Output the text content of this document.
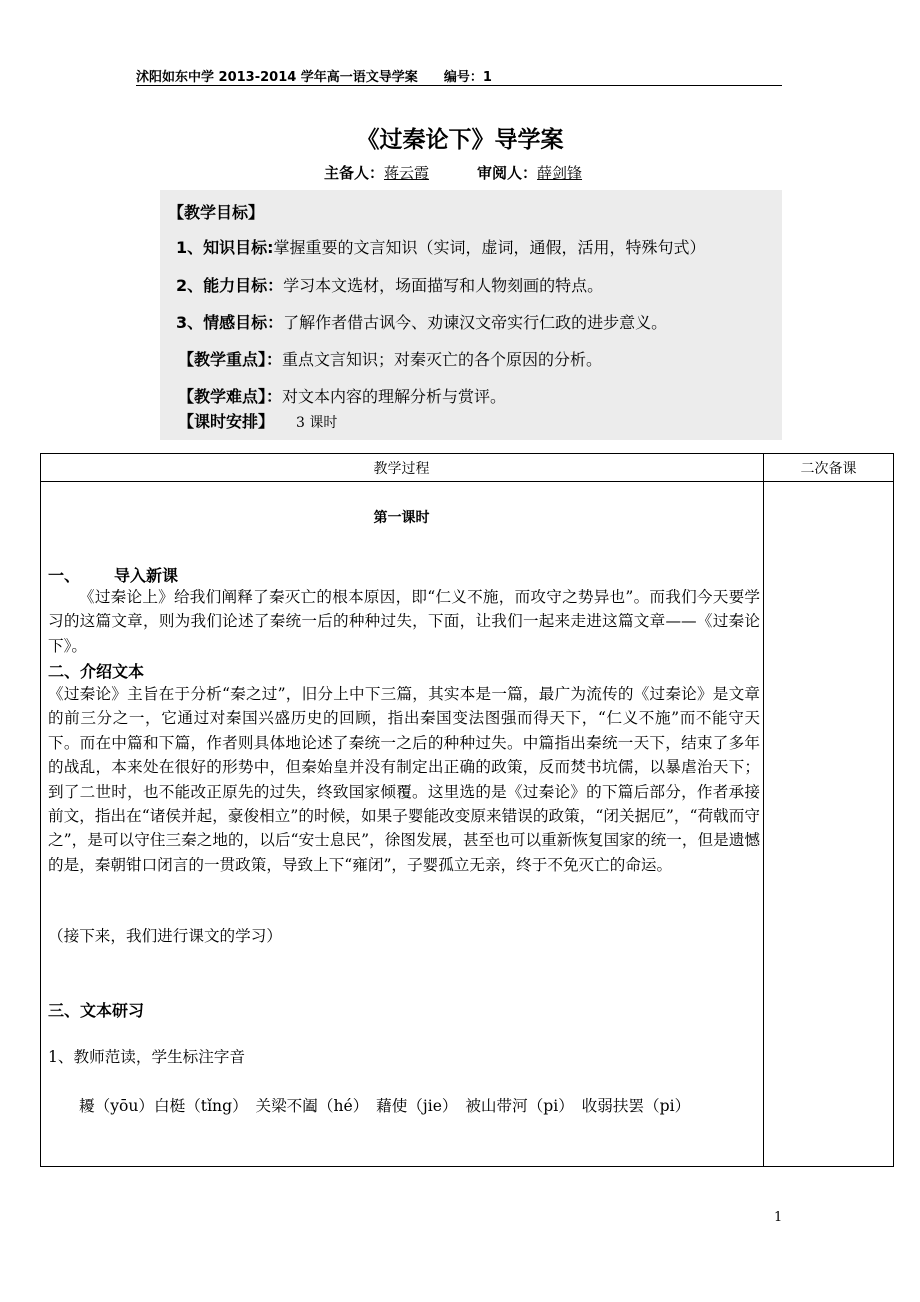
沭阳如东中学 2013-2014 学年高一语文导学案 编号：1
《过秦论下》导学案
主备人：蒋云霞	审阅人：薛剑锋
【教学目标】
1、知识目标:掌握重要的文言知识（实词，虚词，通假，活用，特殊句式）
2、能力目标：学习本文选材，场面描写和人物刻画的特点。
3、情感目标：了解作者借古讽今、劝谏汉文帝实行仁政的进步意义。
【教学重点】：重点文言知识；对秦灭亡的各个原因的分析。
【教学难点】：对文本内容的理解分析与赏评。
【课时安排】 3 课时
教学过程	二次备课
第一课时
一、 导入新课
《过秦论上》给我们阐释了秦灭亡的根本原因，即“仁义不施，而攻守之势异也”。而我们今天要学习的这篇文章，则为我们论述了秦统一后的种种过失，下面，让我们一起来走进这篇文章——《过秦论下》。
二、介绍文本
《过秦论》主旨在于分析“秦之过”，旧分上中下三篇，其实本是一篇，最广为流传的《过秦论》是文章的前三分之一，它通过对秦国兴盛历史的回顾，指出秦国变法图强而得天下，“仁义不施”而不能守天下。而在中篇和下篇，作者则具体地论述了秦统一之后的种种过失。中篇指出秦统一天下，结束了多年的战乱，本来处在很好的形势中，但秦始皇并没有制定出正确的政策，反而焚书坑儒，以暴虐治天下；到了二世时，也不能改正原先的过失，终致国家倾覆。这里选的是《过秦论》的下篇后部分，作者承接前文，指出在“诸侯并起，豪俊相立”的时候，如果子婴能改变原来错误的政策，“闭关据厄”，“荷戟而守之”，是可以守住三秦之地的，以后“安士息民”，徐图发展，甚至也可以重新恢复国家的统一，但是遗憾的是，秦朝钳口闭言的一贯政策，导致上下“雍闭”，子婴孤立无亲，终于不免灭亡的命运。
（接下来，我们进行课文的学习）
三、文本研习
1、教师范读，学生标注字音
耰（yōu）白梃（tǐng）　关梁不阖（hé）　藉使（jie）　被山带河（pi）　收弱扶罢（pi）
1
